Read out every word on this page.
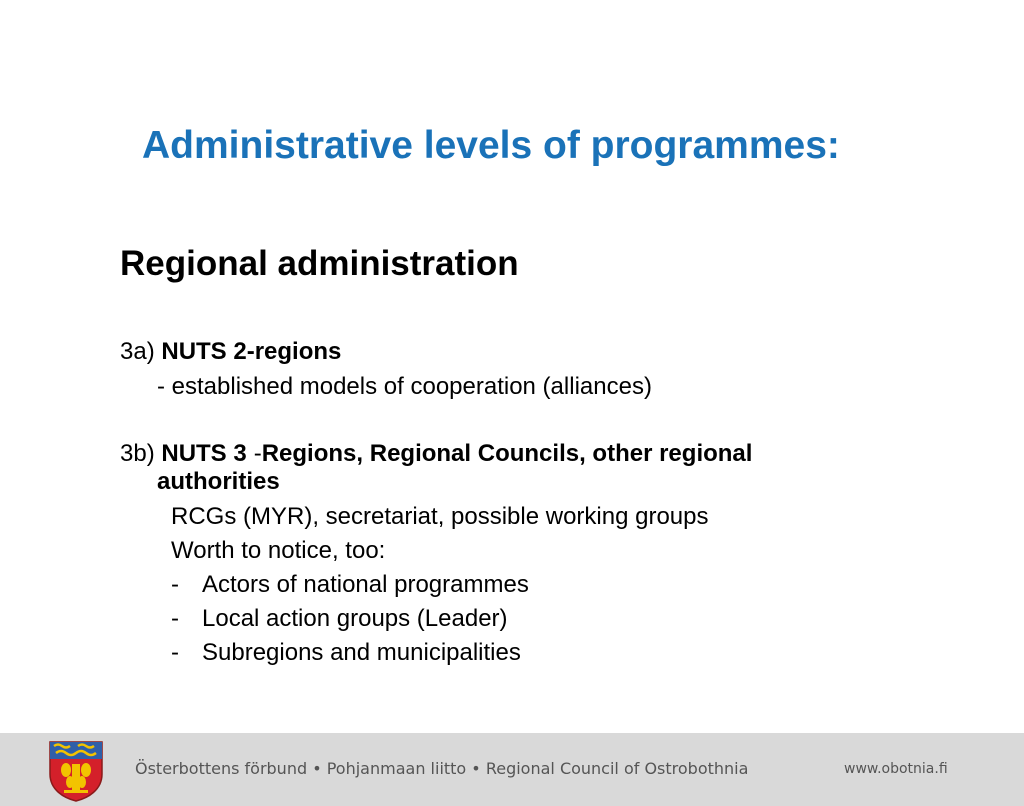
Administrative levels of programmes:
Regional administration
3a) NUTS 2-regions
- established models of cooperation (alliances)
3b) NUTS 3 -Regions, Regional Councils, other regional
authorities
RCGs (MYR), secretariat, possible working groups
Worth to notice, too:
- Actors of national programmes
- Local action groups (Leader)
- Subregions and municipalities
Österbottens förbund • Pohjanmaan liitto • Regional Council of Ostrobothnia	www.obotnia.fi
